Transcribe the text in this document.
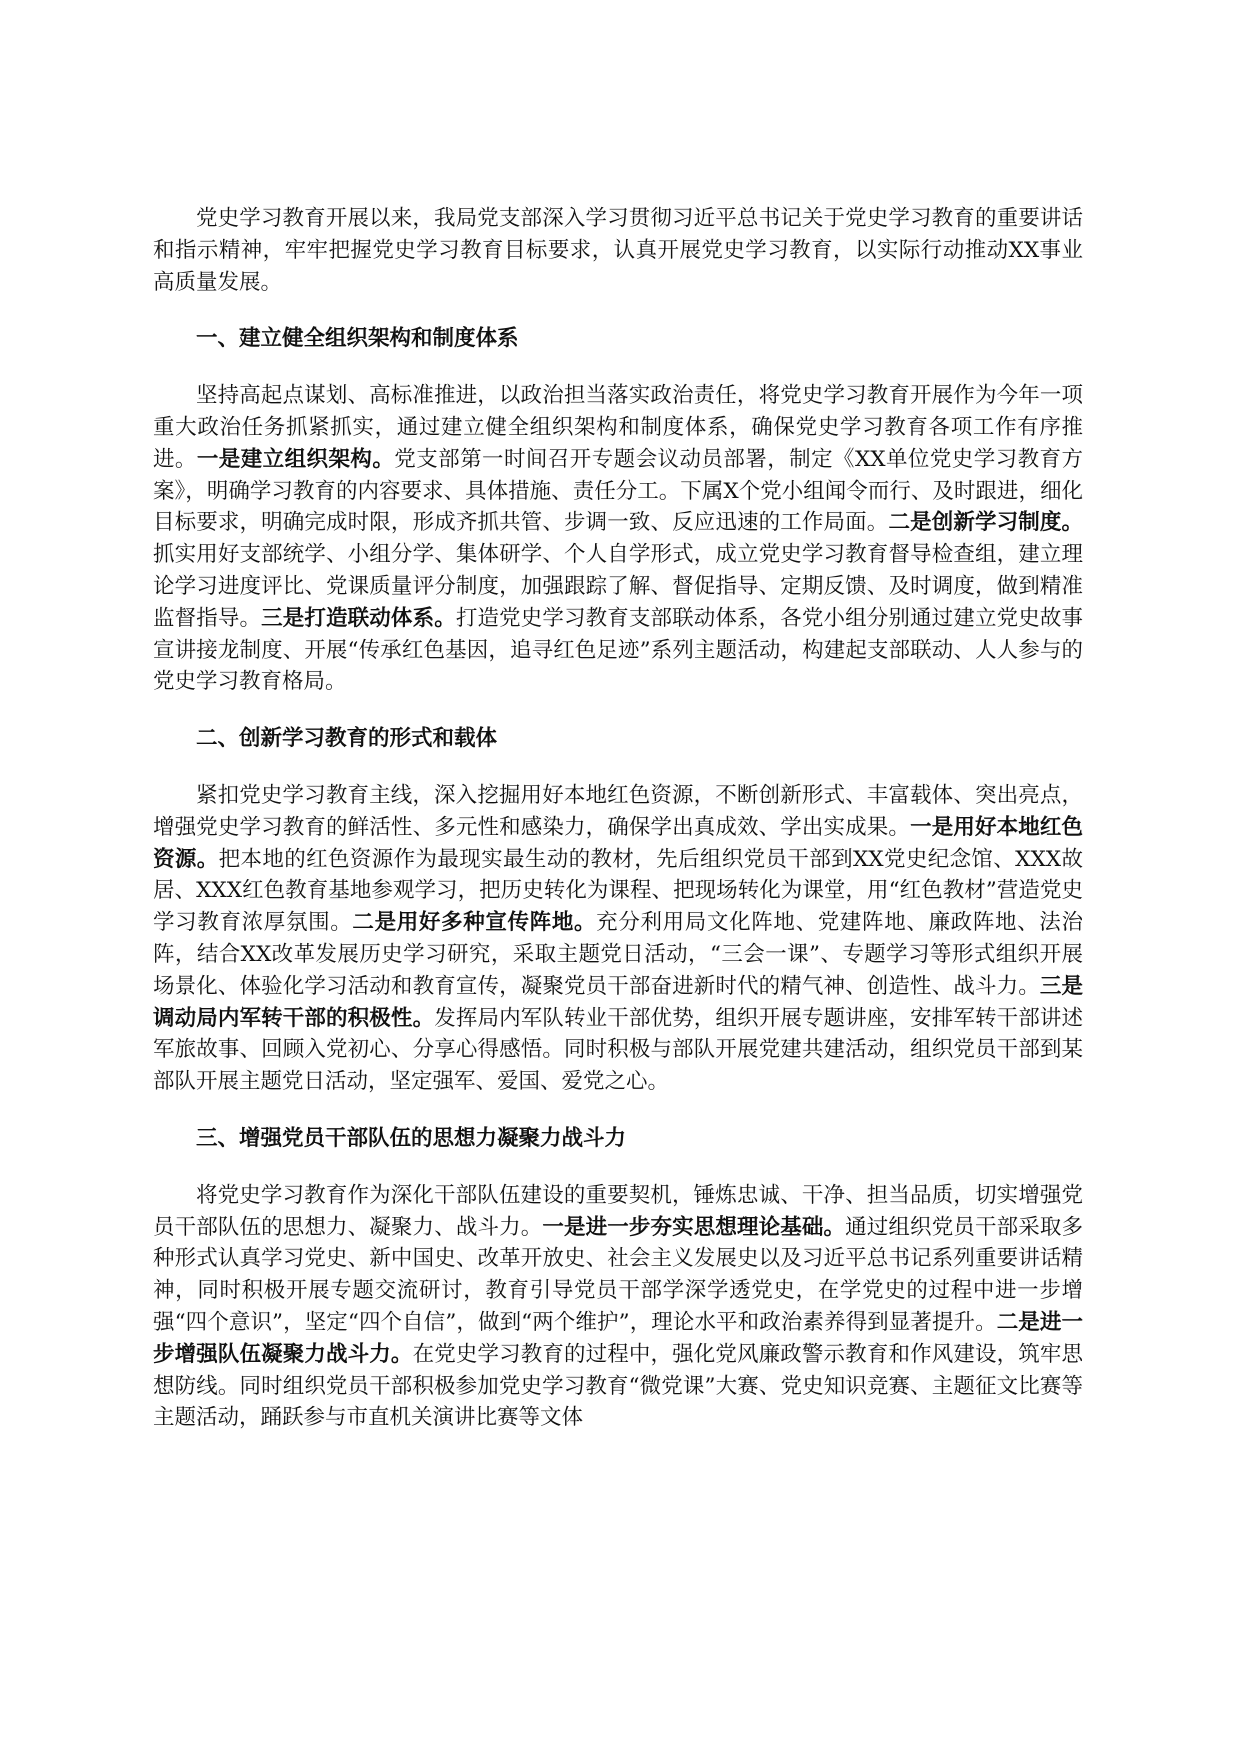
党史学习教育开展以来，我局党支部深入学习贯彻习近平总书记关于党史学习教育的重要讲话和指示精神，牢牢把握党史学习教育目标要求，认真开展党史学习教育，以实际行动推动XX事业高质量发展。

一、建立健全组织架构和制度体系

坚持高起点谋划、高标准推进，以政治担当落实政治责任，将党史学习教育开展作为今年一项重大政治任务抓紧抓实，通过建立健全组织架构和制度体系，确保党史学习教育各项工作有序推进。一是建立组织架构。党支部第一时间召开专题会议动员部署，制定《XX单位党史学习教育方案》，明确学习教育的内容要求、具体措施、责任分工。下属X个党小组闻令而行、及时跟进，细化目标要求，明确完成时限，形成齐抓共管、步调一致、反应迅速的工作局面。二是创新学习制度。抓实用好支部统学、小组分学、集体研学、个人自学形式，成立党史学习教育督导检查组，建立理论学习进度评比、党课质量评分制度，加强跟踪了解、督促指导、定期反馈、及时调度，做到精准监督指导。三是打造联动体系。打造党史学习教育支部联动体系，各党小组分别通过建立党史故事宣讲接龙制度、开展“传承红色基因，追寻红色足迹”系列主题活动，构建起支部联动、人人参与的党史学习教育格局。

二、创新学习教育的形式和载体

紧扣党史学习教育主线，深入挖掘用好本地红色资源，不断创新形式、丰富载体、突出亮点，增强党史学习教育的鲜活性、多元性和感染力，确保学出真成效、学出实成果。一是用好本地红色资源。把本地的红色资源作为最现实最生动的教材，先后组织党员干部到XX党史纪念馆、XXX故居、XXX红色教育基地参观学习，把历史转化为课程、把现场转化为课堂，用“红色教材”营造党史学习教育浓厚氛围。二是用好多种宣传阵地。充分利用局文化阵地、党建阵地、廉政阵地、法治阵，结合XX改革发展历史学习研究，采取主题党日活动，“三会一课”、专题学习等形式组织开展场景化、体验化学习活动和教育宣传，凝聚党员干部奋进新时代的精气神、创造性、战斗力。三是调动局内军转干部的积极性。发挥局内军队转业干部优势，组织开展专题讲座，安排军转干部讲述军旅故事、回顾入党初心、分享心得感悟。同时积极与部队开展党建共建活动，组织党员干部到某部队开展主题党日活动，坚定强军、爱国、爱党之心。

三、增强党员干部队伍的思想力凝聚力战斗力

将党史学习教育作为深化干部队伍建设的重要契机，锤炼忠诚、干净、担当品质，切实增强党员干部队伍的思想力、凝聚力、战斗力。一是进一步夯实思想理论基础。通过组织党员干部采取多种形式认真学习党史、新中国史、改革开放史、社会主义发展史以及习近平总书记系列重要讲话精神，同时积极开展专题交流研讨，教育引导党员干部学深学透党史，在学党史的过程中进一步增强“四个意识”，坚定“四个自信”，做到“两个维护”，理论水平和政治素养得到显著提升。二是进一步增强队伍凝聚力战斗力。在党史学习教育的过程中，强化党风廉政警示教育和作风建设，筑牢思想防线。同时组织党员干部积极参加党史学习教育“微党课”大赛、党史知识竞赛、主题征文比赛等主题活动，踊跃参与市直机关演讲比赛等文体
